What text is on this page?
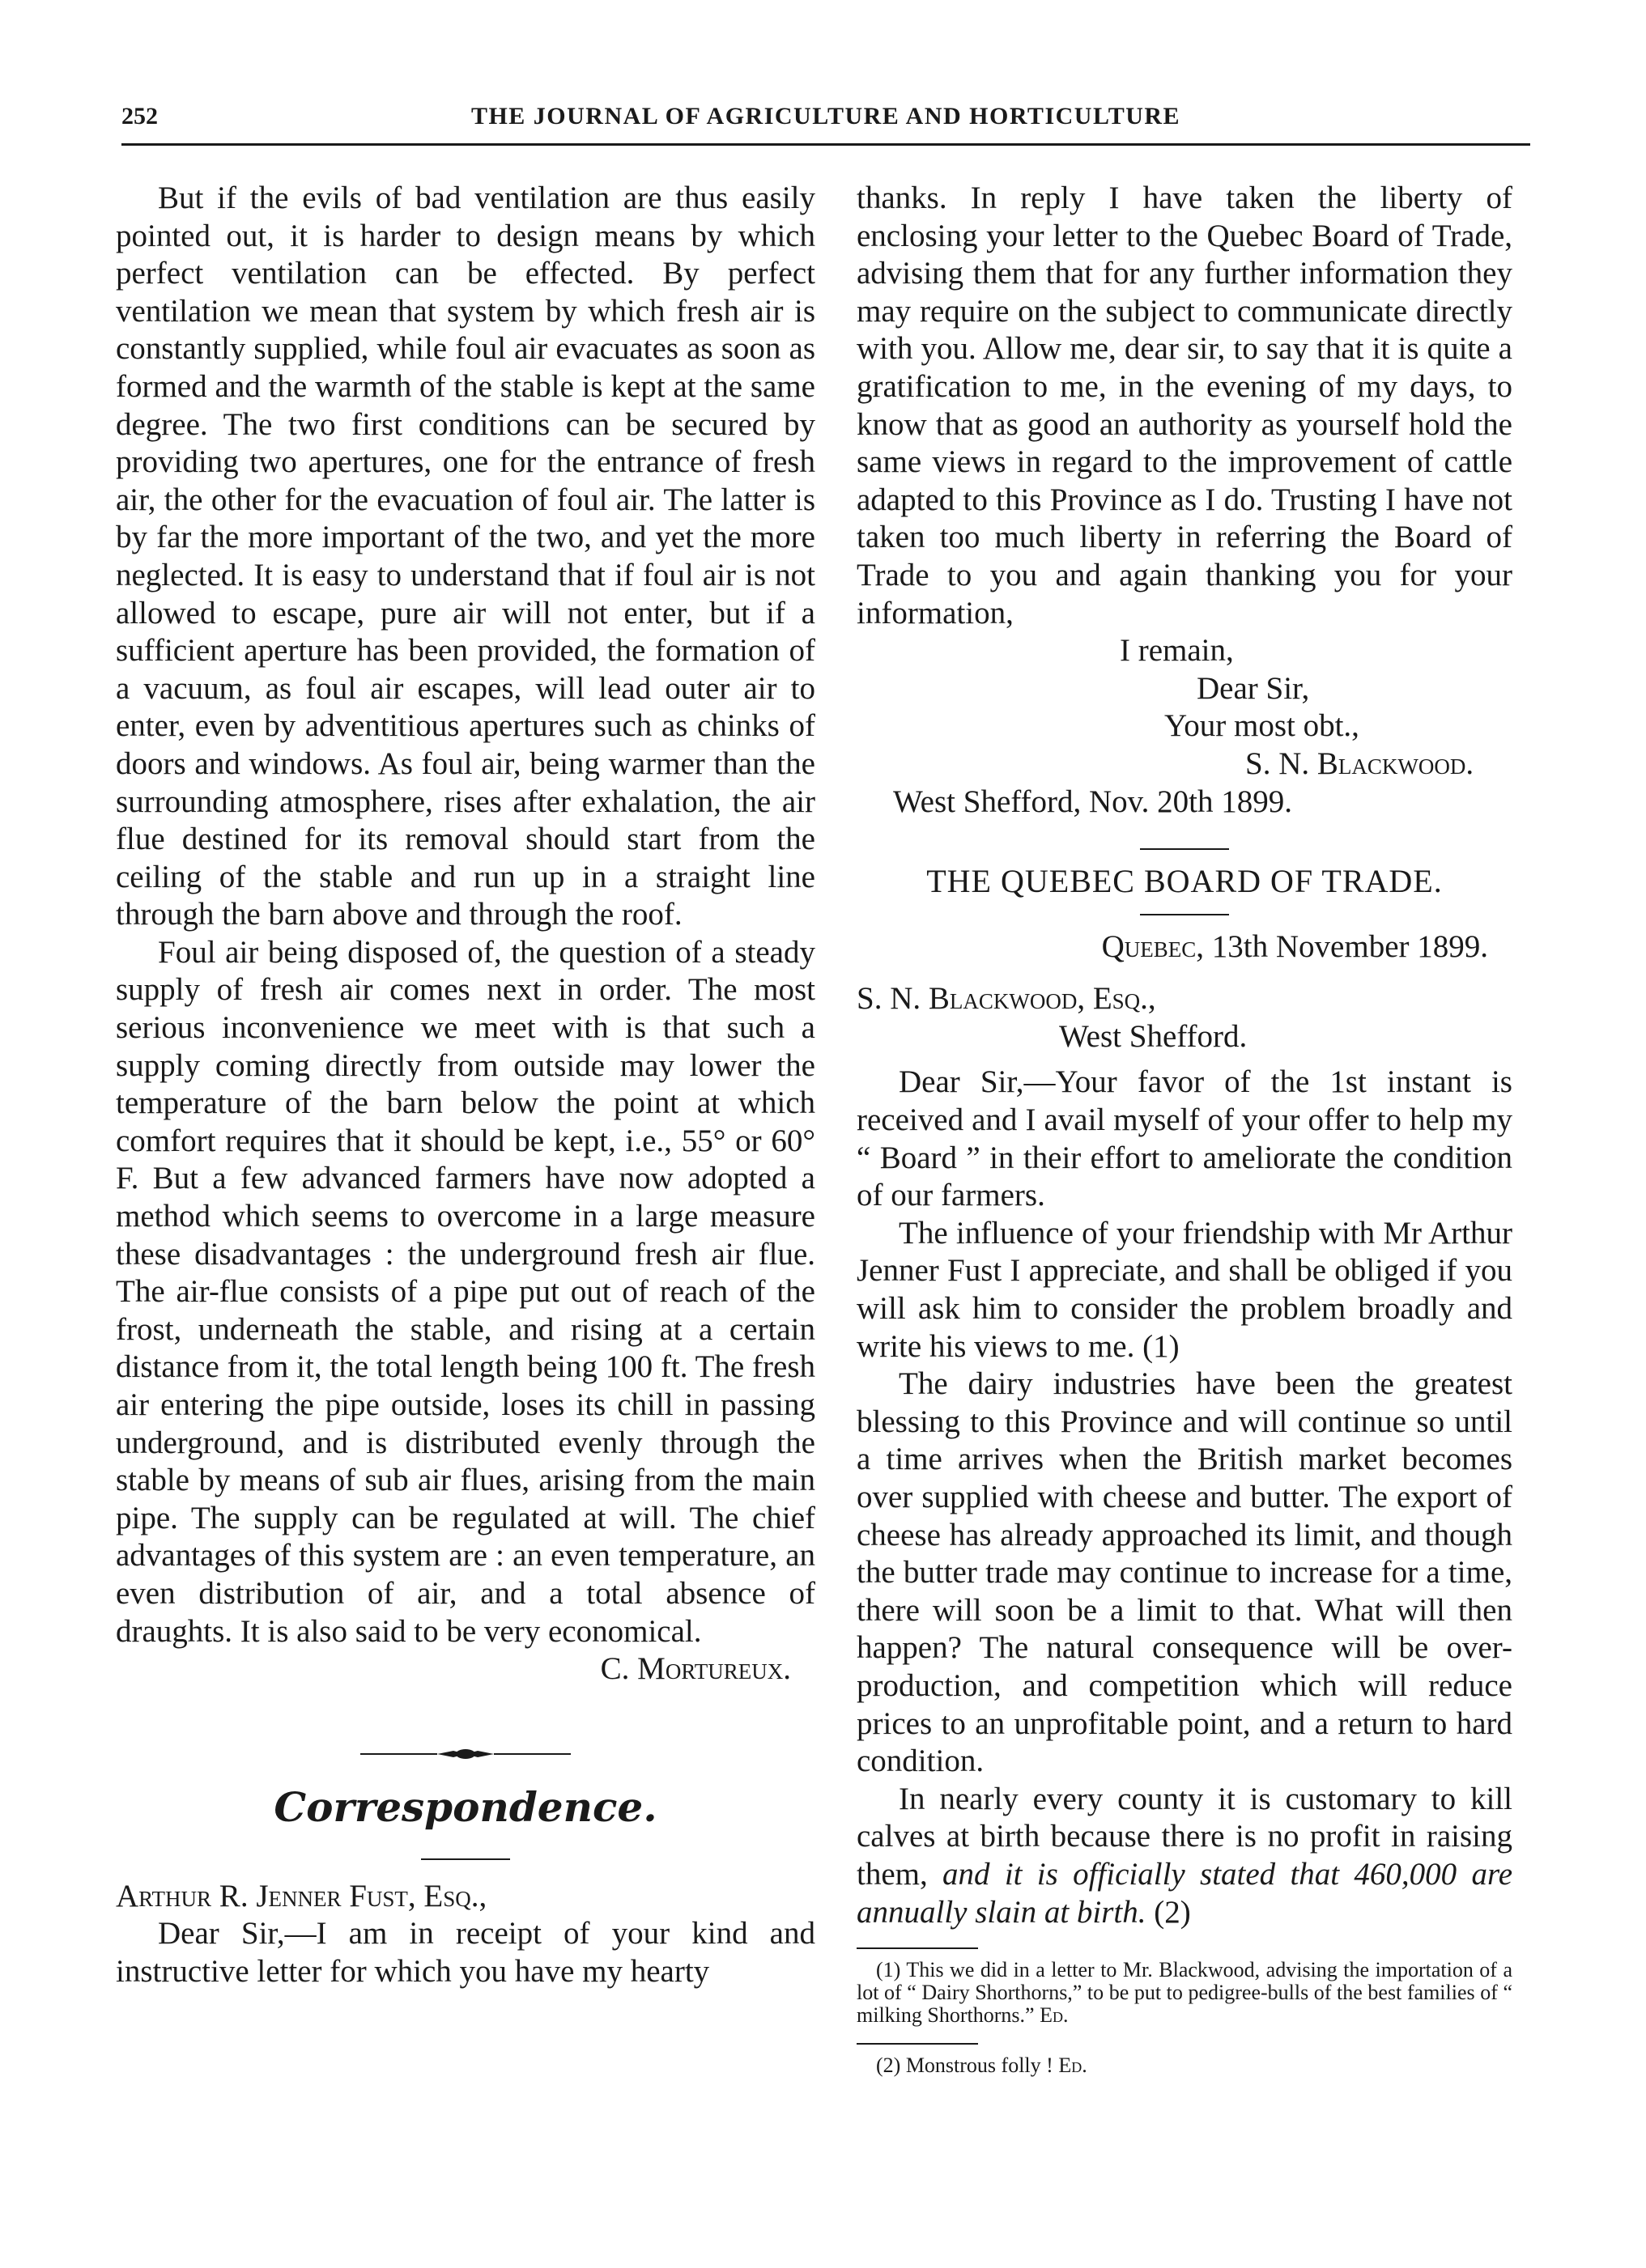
252	THE JOURNAL OF AGRICULTURE AND HORTICULTURE

But if the evils of bad ventilation are thus easily pointed out, it is harder to design means by which perfect ventilation can be effected. By perfect ventilation we mean that system by which fresh air is constantly supplied, while foul air evacuates as soon as formed and the warmth of the stable is kept at the same degree. The two first conditions can be secured by providing two apertures, one for the entrance of fresh air, the other for the evacuation of foul air. The latter is by far the more important of the two, and yet the more neglected. It is easy to understand that if foul air is not allowed to escape, pure air will not enter, but if a sufficient aperture has been provided, the formation of a vacuum, as foul air escapes, will lead outer air to enter, even by adventitious apertures such as chinks of doors and windows. As foul air, being warmer than the surrounding atmosphere, rises after exhalation, the air flue destined for its removal should start from the ceiling of the stable and run up in a straight line through the barn above and through the roof.

Foul air being disposed of, the question of a steady supply of fresh air comes next in order. The most serious inconvenience we meet with is that such a supply coming directly from outside may lower the temperature of the barn below the point at which comfort requires that it should be kept, i.e., 55° or 60° F. But a few advanced farmers have now adopted a method which seems to overcome in a large measure these disadvantages : the underground fresh air flue. The air-flue consists of a pipe put out of reach of the frost, underneath the stable, and rising at a certain distance from it, the total length being 100 ft. The fresh air entering the pipe outside, loses its chill in passing underground, and is distributed evenly through the stable by means of sub air flues, arising from the main pipe. The supply can be regulated at will. The chief advantages of this system are : an even temperature, an even distribution of air, and a total absence of draughts. It is also said to be very economical.

C. Mortureux.

Correspondence.

Arthur R. Jenner Fust, Esq.,

Dear Sir,—I am in receipt of your kind and instructive letter for which you have my hearty

thanks. In reply I have taken the liberty of enclosing your letter to the Quebec Board of Trade, advising them that for any further information they may require on the subject to communicate directly with you. Allow me, dear sir, to say that it is quite a gratification to me, in the evening of my days, to know that as good an authority as yourself hold the same views in regard to the improvement of cattle adapted to this Province as I do. Trusting I have not taken too much liberty in referring the Board of Trade to you and again thanking you for your information,

I remain,
Dear Sir,
Your most obt.,
S. N. Blackwood.
West Shefford, Nov. 20th 1899.
THE QUEBEC BOARD OF TRADE.
Quebec, 13th November 1899.
S. N. Blackwood, Esq.,
West Shefford.

Dear Sir,—Your favor of the 1st instant is received and I avail myself of your offer to help my “ Board ” in their effort to ameliorate the condition of our farmers.

The influence of your friendship with Mr Arthur Jenner Fust I appreciate, and shall be obliged if you will ask him to consider the problem broadly and write his views to me. (1)

The dairy industries have been the greatest blessing to this Province and will continue so until a time arrives when the British market becomes over supplied with cheese and butter. The export of cheese has already approached its limit, and though the butter trade may continue to increase for a time, there will soon be a limit to that. What will then happen? The natural consequence will be over-production, and competition which will reduce prices to an unprofitable point, and a return to hard condition.

In nearly every county it is customary to kill calves at birth because there is no profit in raising them, and it is officially stated that 460,000 are annually slain at birth. (2)

(1) This we did in a letter to Mr. Blackwood, advising the importation of a lot of “ Dairy Shorthorns,” to be put to pedigree-bulls of the best families of “ milking Shorthorns.” Ed.

(2) Monstrous folly ! Ed.
